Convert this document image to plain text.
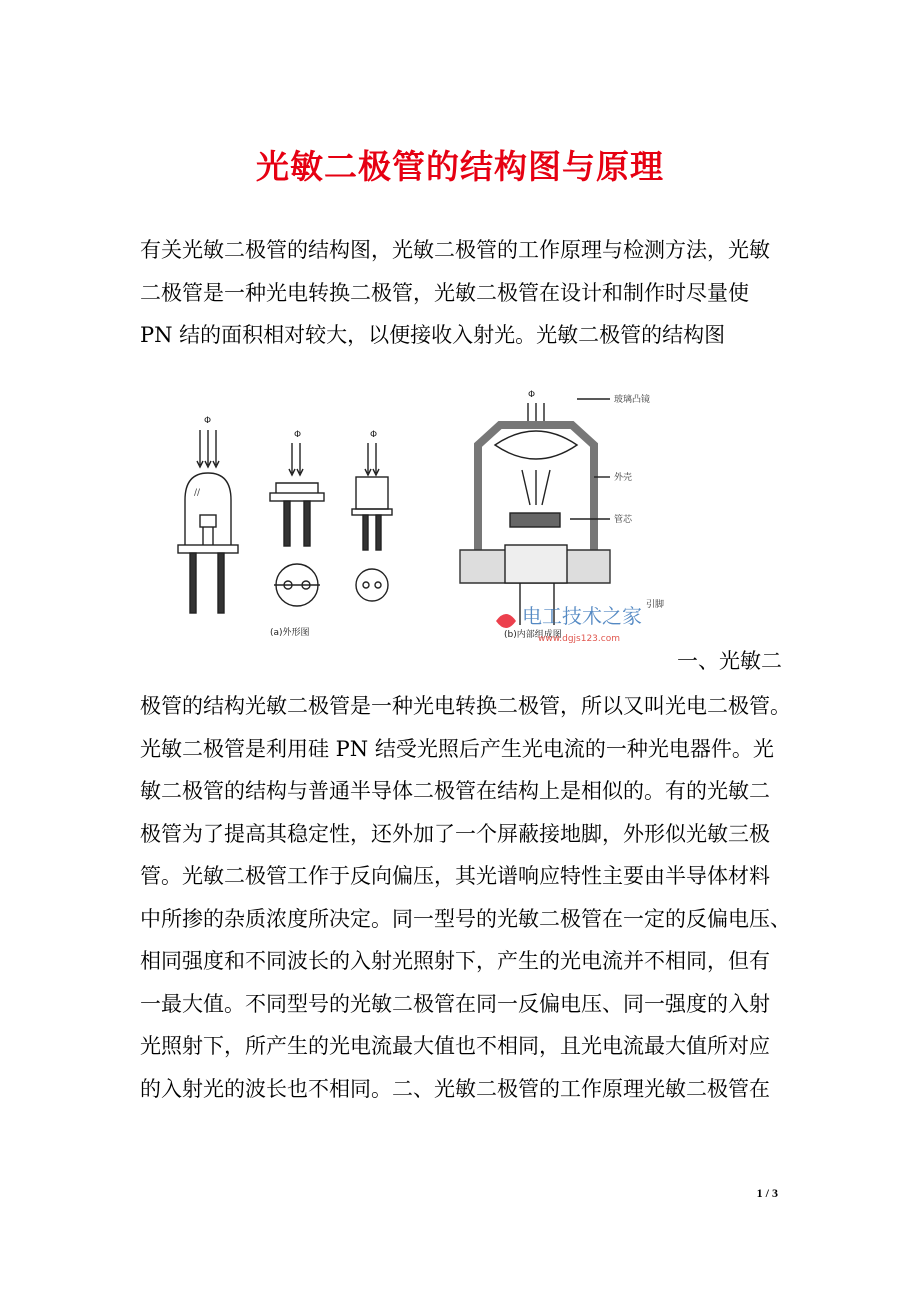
光敏二极管的结构图与原理
有关光敏二极管的结构图，光敏二极管的工作原理与检测方法，光敏
二极管是一种光电转换二极管，光敏二极管在设计和制作时尽量使
PN 结的面积相对较大，以便接收入射光。光敏二极管的结构图
Φ
∕∕
Φ	Φ
Φ	玻璃凸镜
外壳
管芯
引脚
(a)外形图	(b)内部组成图
电工技术之家
www.dgjs123.com
一、光敏二
极管的结构光敏二极管是一种光电转换二极管，所以又叫光电二极管。
光敏二极管是利用硅 PN 结受光照后产生光电流的一种光电器件。光
敏二极管的结构与普通半导体二极管在结构上是相似的。有的光敏二
极管为了提高其稳定性，还外加了一个屏蔽接地脚，外形似光敏三极
管。光敏二极管工作于反向偏压，其光谱响应特性主要由半导体材料
中所掺的杂质浓度所决定。同一型号的光敏二极管在一定的反偏电压、
相同强度和不同波长的入射光照射下，产生的光电流并不相同，但有
一最大值。不同型号的光敏二极管在同一反偏电压、同一强度的入射
光照射下，所产生的光电流最大值也不相同，且光电流最大值所对应
的入射光的波长也不相同。二、光敏二极管的工作原理光敏二极管在
1 / 3
